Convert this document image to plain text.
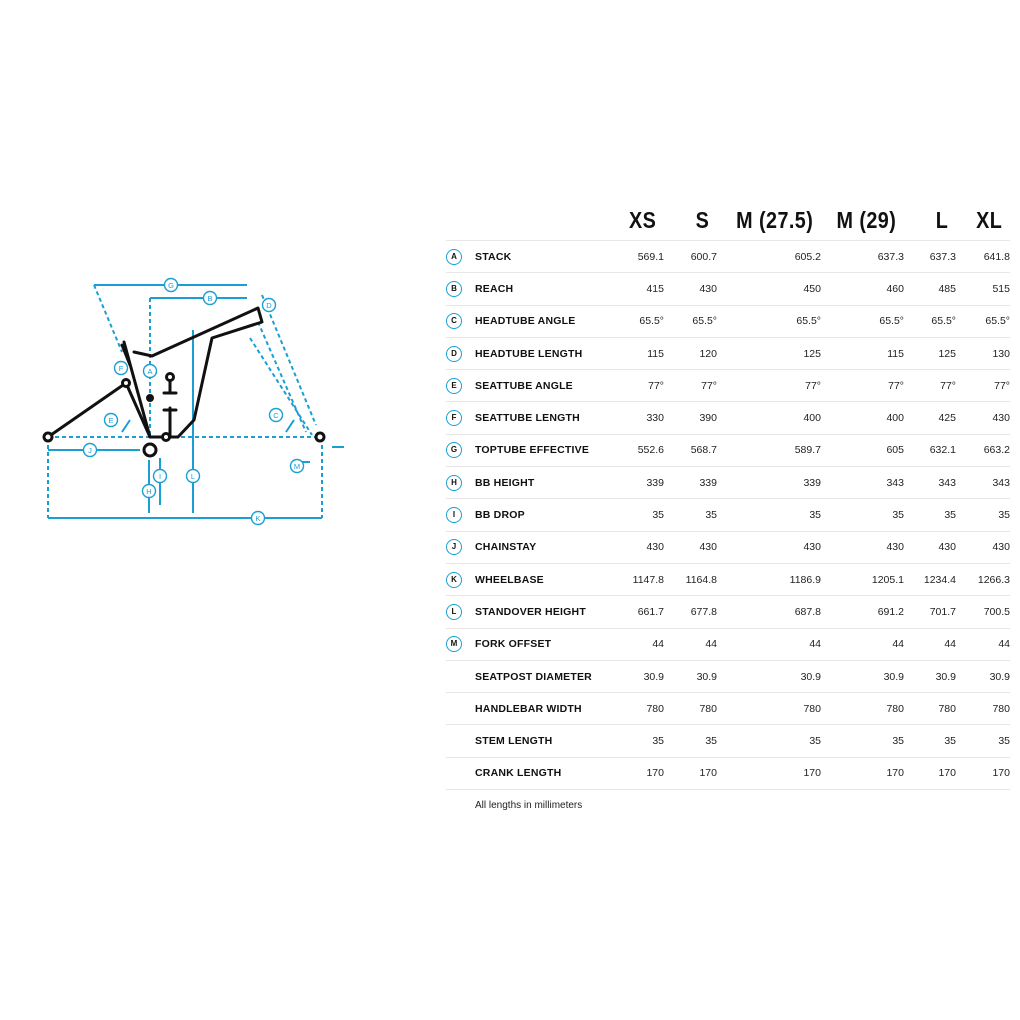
A
B
C
D
E
F
G
H
I
J
K
L
M
		XS	S	M (27.5)	M (29)	L	XL
A	STACK	569.1	600.7	605.2	637.3	637.3	641.8
B	REACH	415	430	450	460	485	515
C	HEADTUBE ANGLE	65.5°	65.5°	65.5°	65.5°	65.5°	65.5°
D	HEADTUBE LENGTH	115	120	125	115	125	130
E	SEATTUBE ANGLE	77°	77°	77°	77°	77°	77°
F	SEATTUBE LENGTH	330	390	400	400	425	430
G	TOPTUBE EFFECTIVE	552.6	568.7	589.7	605	632.1	663.2
H	BB HEIGHT	339	339	339	343	343	343
I	BB DROP	35	35	35	35	35	35
J	CHAINSTAY	430	430	430	430	430	430
K	WHEELBASE	1147.8	1164.8	1186.9	1205.1	1234.4	1266.3
L	STANDOVER HEIGHT	661.7	677.8	687.8	691.2	701.7	700.5
M	FORK OFFSET	44	44	44	44	44	44
	SEATPOST DIAMETER	30.9	30.9	30.9	30.9	30.9	30.9
	HANDLEBAR WIDTH	780	780	780	780	780	780
	STEM LENGTH	35	35	35	35	35	35
	CRANK LENGTH	170	170	170	170	170	170
All lengths in millimeters
